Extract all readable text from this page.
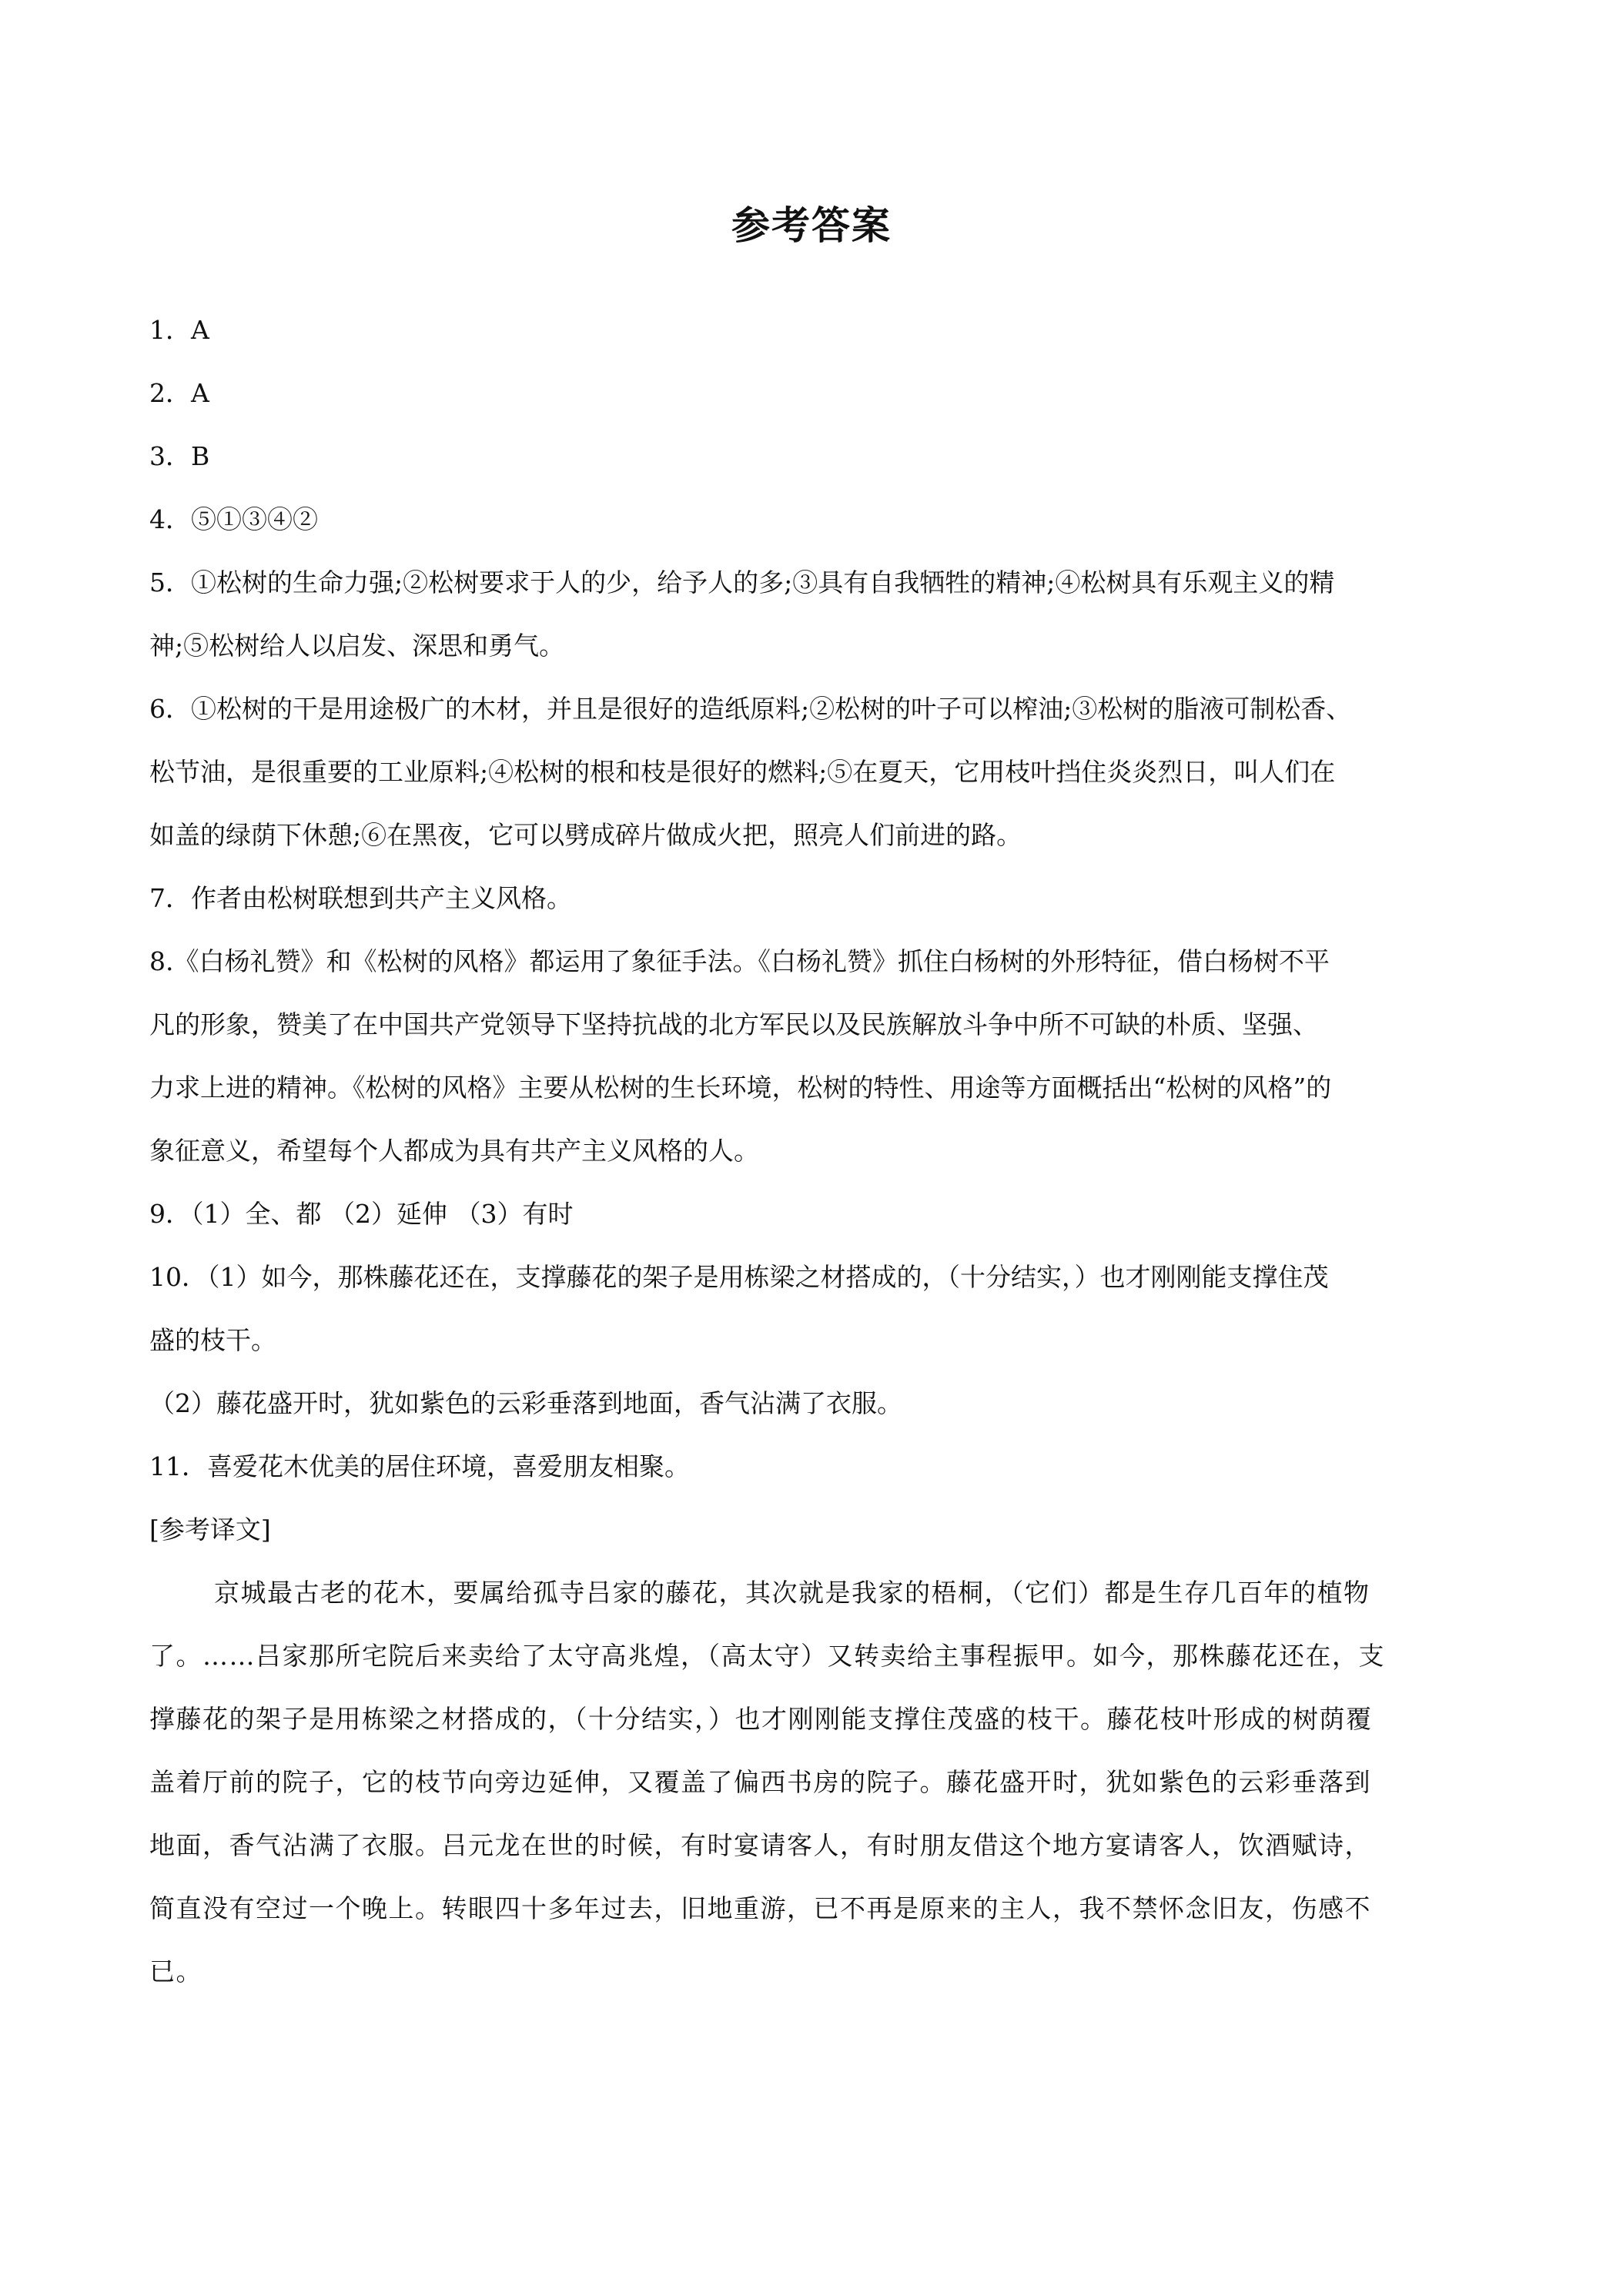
参考答案
1．A
2．A
3．B
4．⑤①③④②
5．①松树的生命力强;②松树要求于人的少，给予人的多;③具有自我牺牲的精神;④松树具有乐观主义的精
神;⑤松树给人以启发、深思和勇气。
6．①松树的干是用途极广的木材，并且是很好的造纸原料;②松树的叶子可以榨油;③松树的脂液可制松香、
松节油，是很重要的工业原料;④松树的根和枝是很好的燃料;⑤在夏天，它用枝叶挡住炎炎烈日，叫人们在
如盖的绿荫下休憩;⑥在黑夜，它可以劈成碎片做成火把，照亮人们前进的路。
7．作者由松树联想到共产主义风格。
8.《白杨礼赞》和《松树的风格》都运用了象征手法。《白杨礼赞》抓住白杨树的外形特征，借白杨树不平
凡的形象，赞美了在中国共产党领导下坚持抗战的北方军民以及民族解放斗争中所不可缺的朴质、坚强、
力求上进的精神。《松树的风格》主要从松树的生长环境，松树的特性、用途等方面概括出“松树的风格”的
象征意义，希望每个人都成为具有共产主义风格的人。
9．（1）全、都 （2）延伸 （3）有时
10．（1）如今，那株藤花还在，支撑藤花的架子是用栋梁之材搭成的，（十分结实，）也才刚刚能支撑住茂
盛的枝干。
（2）藤花盛开时，犹如紫色的云彩垂落到地面，香气沾满了衣服。
11．喜爱花木优美的居住环境，喜爱朋友相聚。
[参考译文]
京城最古老的花木，要属给孤寺吕家的藤花，其次就是我家的梧桐，（它们）都是生存几百年的植物
了。……吕家那所宅院后来卖给了太守高兆煌，（高太守）又转卖给主事程振甲。如今，那株藤花还在，支
撑藤花的架子是用栋梁之材搭成的，（十分结实，）也才刚刚能支撑住茂盛的枝干。藤花枝叶形成的树荫覆
盖着厅前的院子，它的枝节向旁边延伸，又覆盖了偏西书房的院子。藤花盛开时，犹如紫色的云彩垂落到
地面，香气沾满了衣服。吕元龙在世的时候，有时宴请客人，有时朋友借这个地方宴请客人，饮酒赋诗，
简直没有空过一个晚上。转眼四十多年过去，旧地重游，已不再是原来的主人，我不禁怀念旧友，伤感不
已。
